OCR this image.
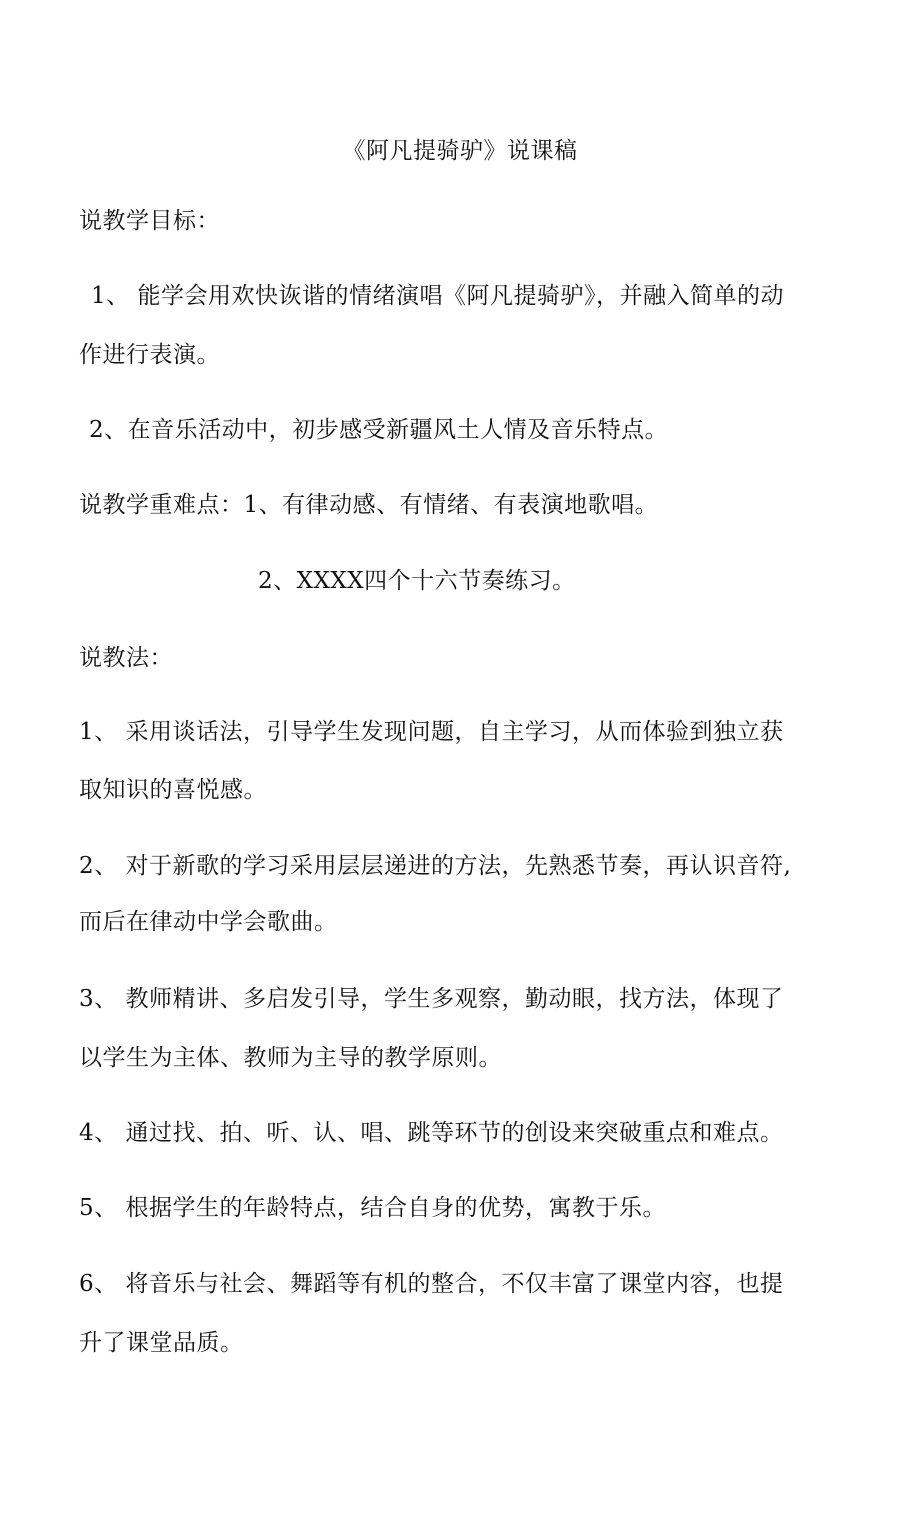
《阿凡提骑驴》说课稿
说教学目标：
1、 能学会用欢快诙谐的情绪演唱《阿凡提骑驴》，并融入简单的动
作进行表演。
2、在音乐活动中，初步感受新疆风土人情及音乐特点。
说教学重难点：1、有律动感、有情绪、有表演地歌唱。
2、XXXX四个十六节奏练习。
说教法：
1、 采用谈话法，引导学生发现问题，自主学习，从而体验到独立获
取知识的喜悦感。
2、 对于新歌的学习采用层层递进的方法，先熟悉节奏，再认识音符,
而后在律动中学会歌曲。
3、 教师精讲、多启发引导，学生多观察，勤动眼，找方法，体现了
以学生为主体、教师为主导的教学原则。
4、 通过找、拍、听、认、唱、跳等环节的创设来突破重点和难点。
5、 根据学生的年龄特点，结合自身的优势，寓教于乐。
6、 将音乐与社会、舞蹈等有机的整合，不仅丰富了课堂内容，也提
升了课堂品质。
